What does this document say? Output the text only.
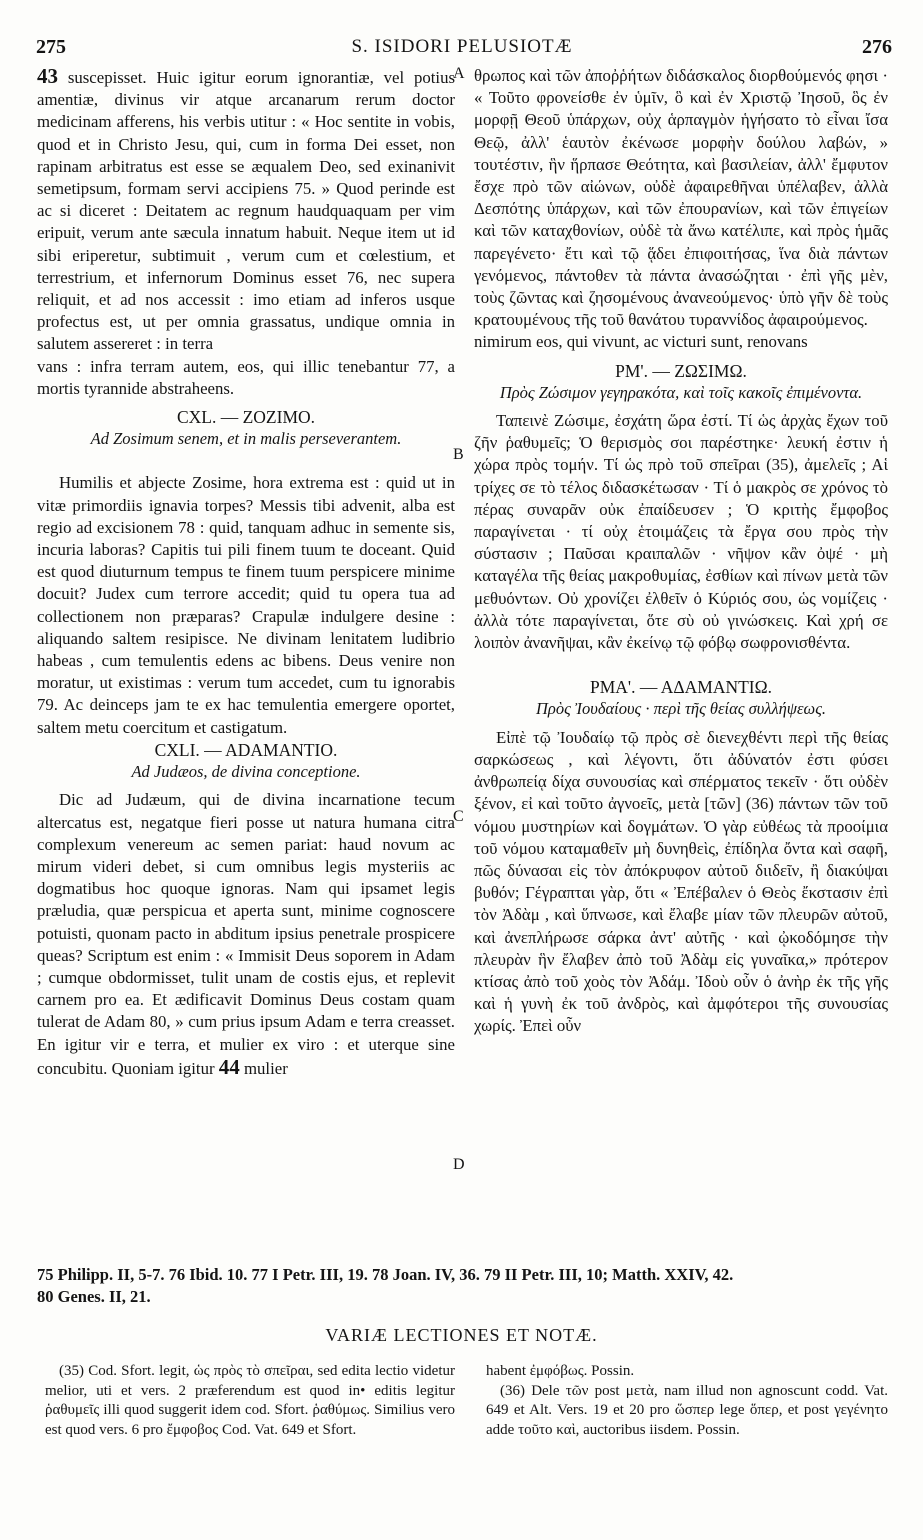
275	S. ISIDORI PELUSIOTÆ	276
A
B
C
D

43 suscepisset. Huic igitur eorum ignorantiæ, vel potius amentiæ, divinus vir atque arcanarum rerum doctor medicinam afferens, his verbis utitur : « Hoc sentite in vobis, quod et in Christo Jesu, qui, cum in forma Dei esset, non rapinam arbitratus est esse se æqualem Deo, sed exinanivit semetipsum, formam servi accipiens 75. » Quod perinde est ac si diceret : Deitatem ac regnum haudquaquam per vim eripuit, verum ante sæcula innatum habuit. Neque item ut id sibi eriperetur, subtimuit , verum cum et cœlestium, et terrestrium, et infernorum Dominus esset 76, nec supera reliquit, et ad nos accessit : imo etiam ad inferos usque profectus est, ut per omnia grassatus, undique omnia in salutem assereret : in terra

vans : infra terram autem, eos, qui illic tenebantur 77, a mortis tyrannide abstraheens.

CXL. — ZOZIMO.

Ad Zosimum senem, et in malis perseverantem.

Humilis et abjecte Zosime, hora extrema est : quid ut in vitæ primordiis ignavia torpes? Messis tibi advenit, alba est regio ad excisionem 78 : quid, tanquam adhuc in semente sis, incuria laboras? Capitis tui pili finem tuum te doceant. Quid est quod diuturnum tempus te finem tuum perspicere minime docuit? Judex cum terrore accedit; quid tu opera tua ad collectionem non præparas? Crapulæ indulgere desine : aliquando saltem resipisce. Ne divinam lenitatem ludibrio habeas , cum temulentis edens ac bibens. Deus venire non moratur, ut existimas : verum tum accedet, cum tu ignorabis 79. Ac deinceps jam te ex hac temulentia emergere oportet, saltem metu coercitum et castigatum.

CXLI. — ADAMANTIO.

Ad Judæos, de divina conceptione.

Dic ad Judæum, qui de divina incarnatione tecum altercatus est, negatque fieri posse ut natura humana citra complexum venereum ac semen pariat: haud novum ac mirum videri debet, si cum omnibus legis mysteriis ac dogmatibus hoc quoque ignoras. Nam qui ipsamet legis præludia, quæ perspicua et aperta sunt, minime cognoscere potuisti, quonam pacto in abditum ipsius penetrale prospicere queas? Scriptum est enim : « Immisit Deus soporem in Adam ; cumque obdormisset, tulit unam de costis ejus, et replevit carnem pro ea. Et ædificavit Dominus Deus costam quam tulerat de Adam 80, » cum prius ipsum Adam e terra creasset. En igitur vir e terra, et mulier ex viro : et uterque sine concubitu. Quoniam igitur 44 mulier

θρωπος καὶ τῶν ἀποῤῥήτων διδάσκαλος διορθούμενός φησι · « Τοῦτο φρονείσθε ἐν ὑμῖν, ὃ καὶ ἐν Χριστῷ Ἰησοῦ, ὃς ἐν μορφῇ Θεοῦ ὑπάρχων, οὐχ ἁρπαγμὸν ἡγήσατο τὸ εἶναι ἴσα Θεῷ, ἀλλ' ἑαυτὸν ἐκένωσε μορφὴν δούλου λαβών, » τουτέστιν, ἣν ἥρπασε Θεότητα, καὶ βασιλείαν, ἀλλ' ἔμφυτον ἔσχε πρὸ τῶν αἰώνων, οὐδὲ ἀφαιρεθῆναι ὑπέλαβεν, ἀλλὰ Δεσπότης ὑπάρχων, καὶ τῶν ἐπουρανίων, καὶ τῶν ἐπιγείων καὶ τῶν καταχθονίων, οὐδὲ τὰ ἄνω κατέλιπε, καὶ πρὸς ἡμᾶς παρεγένετο· ἔτι καὶ τῷ ᾅδει ἐπιφοιτήσας, ἵνα διὰ πάντων γενόμενος, πάντοθεν τὰ πάντα ἀνασώζηται · ἐπὶ γῆς μὲν, τοὺς ζῶντας καὶ ζησομένους ἀνανεούμενος· ὑπὸ γῆν δὲ τοὺς κρατουμένους τῆς τοῦ θανάτου τυραννίδος ἀφαιρούμενος.

nimirum eos, qui vivunt, ac victuri sunt, renovans

ΡΜ'. — ΖΩΣΙΜΩ.

Πρὸς Ζώσιμον γεγηρακότα, καὶ τοῖς κακοῖς ἐπιμένοντα.

Ταπεινὲ Ζώσιμε, ἐσχάτη ὥρα ἐστί. Τί ὡς ἀρχὰς ἔχων τοῦ ζῆν ῥαθυμεῖς; Ὁ θερισμὸς σοι παρέστηκε· λευκή ἐστιν ἡ χώρα πρὸς τομήν. Τί ὡς πρὸ τοῦ σπεῖραι (35), ἀμελεῖς ; Αἱ τρίχες σε τὸ τέλος διδασκέτωσαν · Τί ὁ μακρὸς σε χρόνος τὸ πέρας συναρᾶν οὐκ ἐπαίδευσεν ; Ὁ κριτὴς ἔμφοβος παραγίνεται · τί οὐχ ἑτοιμάζεις τὰ ἔργα σου πρὸς τὴν σύστασιν ; Παῦσαι κραιπαλῶν · νῆψον κἂν ὀψέ · μὴ καταγέλα τῆς θείας μακροθυμίας, ἐσθίων καὶ πίνων μετὰ τῶν μεθυόντων. Οὐ χρονίζει ἐλθεῖν ὁ Κύριός σου, ὡς νομίζεις · ἀλλὰ τότε παραγίνεται, ὅτε σὺ οὐ γινώσκεις. Καὶ χρή σε λοιπὸν ἀνανῆψαι, κἂν ἐκείνῳ τῷ φόβῳ σωφρονισθέντα.

ΡΜΑ'. — ΑΔΑΜΑΝΤΙΩ.

Πρὸς Ἰουδαίους · περὶ τῆς θείας συλλήψεως.

Εἰπὲ τῷ Ἰουδαίῳ τῷ πρὸς σὲ διενεχθέντι περὶ τῆς θείας σαρκώσεως , καὶ λέγοντι, ὅτι ἀδύνατόν ἐστι φύσει ἀνθρωπείᾳ δίχα συνουσίας καὶ σπέρματος τεκεῖν · ὅτι οὐδὲν ξένον, εἰ καὶ τοῦτο ἀγνοεῖς, μετὰ [τῶν] (36) πάντων τῶν τοῦ νόμου μυστηρίων καὶ δογμάτων. Ὁ γὰρ εὐθέως τὰ προοίμια τοῦ νόμου καταμαθεῖν μὴ δυνηθεὶς, ἐπίδηλα ὄντα καὶ σαφῆ, πῶς δύνασαι εἰς τὸν ἀπόκρυφον αὐτοῦ διιδεῖν, ἢ διακύψαι βυθόν; Γέγραπται γὰρ, ὅτι « Ἐπέβαλεν ὁ Θεὸς ἔκστασιν ἐπὶ τὸν Ἀδὰμ , καὶ ὕπνωσε, καὶ ἔλαβε μίαν τῶν πλευρῶν αὐτοῦ, καὶ ἀνεπλήρωσε σάρκα ἀντ' αὐτῆς · καὶ ᾠκοδόμησε τὴν πλευρὰν ἣν ἔλαβεν ἀπὸ τοῦ Ἀδὰμ εἰς γυναῖκα,» πρότερον κτίσας ἀπὸ τοῦ χοὸς τὸν Ἀδάμ. Ἰδοὺ οὖν ὁ ἀνὴρ ἐκ τῆς γῆς καὶ ἡ γυνὴ ἐκ τοῦ ἀνδρὸς, καὶ ἀμφότεροι τῆς συνουσίας χωρίς. Ἐπεὶ οὖν

75 Philipp. II, 5-7. 76 Ibid. 10. 77 I Petr. III, 19. 78 Joan. IV, 36. 79 II Petr. III, 10; Matth. XXIV, 42.

80 Genes. II, 21.

VARIÆ LECTIONES ET NOTÆ.

(35) Cod. Sfort. legit, ὡς πρὸς τὸ σπεῖραι, sed edita lectio videtur melior, uti et vers. 2 præferendum est quod in• editis legitur ῥαθυμεῖς illi quod suggerit idem cod. Sfort. ῥαθύμως. Similius vero est quod vers. 6 pro ἔμφοβος Cod. Vat. 649 et Sfort.

habent ἐμφόβως. Possin.

(36) Dele τῶν post μετὰ, nam illud non agnoscunt codd. Vat. 649 et Alt. Vers. 19 et 20 pro ὥσπερ lege ὅπερ, et post γεγένητο adde τοῦτο καὶ, auctoribus iisdem. Possin.
